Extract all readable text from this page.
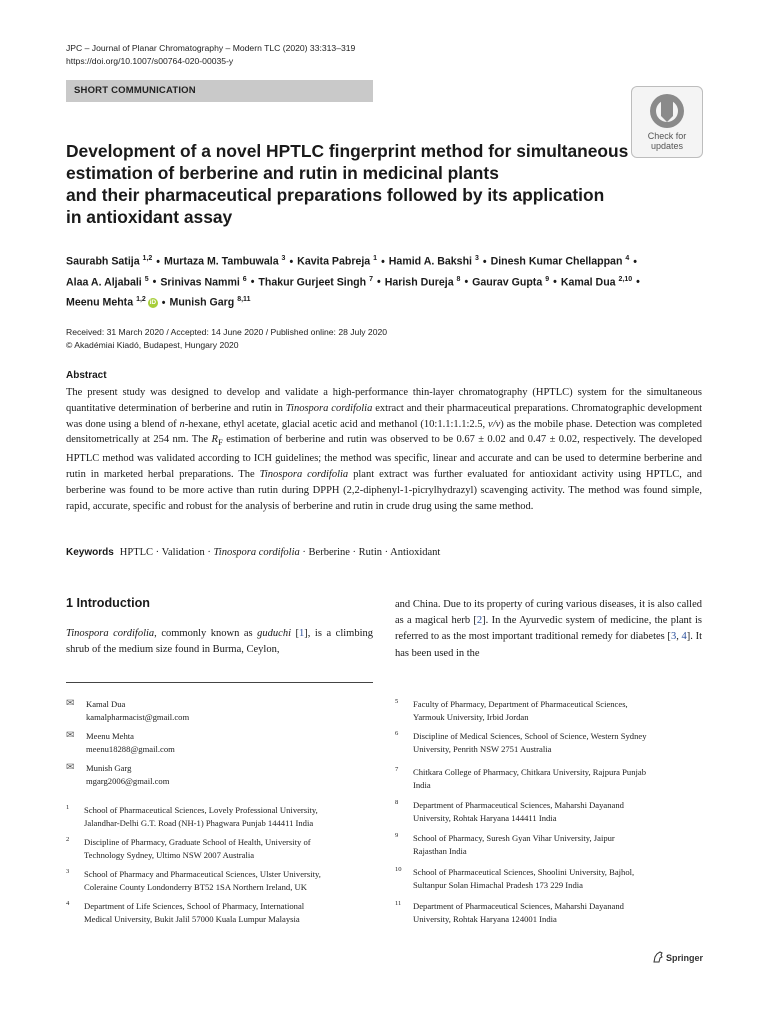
JPC – Journal of Planar Chromatography – Modern TLC (2020) 33:313–319
https://doi.org/10.1007/s00764-020-00035-y
SHORT COMMUNICATION
Check for
updates
Development of a novel HPTLC fingerprint method for simultaneous
estimation of berberine and rutin in medicinal plants
and their pharmaceutical preparations followed by its application
in antioxidant assay
Saurabh Satija $^{1,2}$ • Murtaza M. Tambuwala $^3$ • Kavita Pabreja $^1$ • Hamid A. Bakshi $^3$ • Dinesh Kumar Chellappan $^4$ •
Alaa A. Aljabali $^5$ • Srinivas Nammi $^6$ • Thakur Gurjeet Singh $^7$ • Harish Dureja $^8$ • Gaurav Gupta $^9$ • Kamal Dua $^{2,10}$ •
Meenu Mehta $^{1,2}$ iD • Munish Garg $^{8,11}$
Received: 31 March 2020 / Accepted: 14 June 2020 / Published online: 28 July 2020
© Akadémiai Kiadó, Budapest, Hungary 2020
Abstract
The present study was designed to develop and validate a high-performance thin-layer chromatography (HPTLC) system for the simultaneous quantitative determination of berberine and rutin in Tinospora cordifolia extract and their pharmaceutical preparations. Chromatographic development was done using a blend of n-hexane, ethyl acetate, glacial acetic acid and methanol (10:1.1:1.1:2.5, v/v) as the mobile phase. Detection was completed densitometrically at 254 nm. The $R_F$ estimation of berberine and rutin was observed to be 0.67 ± 0.02 and 0.47 ± 0.02, respectively. The developed HPTLC method was validated according to ICH guidelines; the method was specific, linear and accurate and can be used to determine berberine and rutin in marketed herbal preparations. The Tinospora cordifolia plant extract was further evaluated for antioxidant activity using HPTLC, and berberine was found to be more active than rutin during DPPH (2,2-diphenyl-1-picrylhydrazyl) scavenging activity. The method was found simple, rapid, accurate, specific and robust for the analysis of berberine and rutin in crude drug using the same method.
Keywords HPTLC · Validation · Tinospora cordifolia · Berberine · Rutin · Antioxidant
1 Introduction
Tinospora cordifolia, commonly known as guduchi [1], is a climbing shrub of the medium size found in Burma, Ceylon,
and China. Due to its property of curing various diseases, it is also called as a magical herb [2]. In the Ayurvedic system of medicine, the plant is referred to as the most important traditional remedy for diabetes [3, 4]. It has been used in the
✉ Kamal Dua
kamalpharmacist@gmail.com
✉ Meenu Mehta
meenu18288@gmail.com
✉ Munish Garg
mgarg2006@gmail.com
1 School of Pharmaceutical Sciences, Lovely Professional University,
Jalandhar-Delhi G.T. Road (NH-1) Phagwara Punjab 144411 India
2 Discipline of Pharmacy, Graduate School of Health, University of
Technology Sydney, Ultimo NSW 2007 Australia
3 School of Pharmacy and Pharmaceutical Sciences, Ulster University,
Coleraine County Londonderry BT52 1SA Northern Ireland, UK
4 Department of Life Sciences, School of Pharmacy, International
Medical University, Bukit Jalil 57000 Kuala Lumpur Malaysia
5 Faculty of Pharmacy, Department of Pharmaceutical Sciences,
Yarmouk University, Irbid Jordan
6 Discipline of Medical Sciences, School of Science, Western Sydney
University, Penrith NSW 2751 Australia
7 Chitkara College of Pharmacy, Chitkara University, Rajpura Punjab
India
8 Department of Pharmaceutical Sciences, Maharshi Dayanand
University, Rohtak Haryana 144411 India
9 School of Pharmacy, Suresh Gyan Vihar University, Jaipur
Rajasthan India
10 School of Pharmaceutical Sciences, Shoolini University, Bajhol,
Sultanpur Solan Himachal Pradesh 173 229 India
11 Department of Pharmaceutical Sciences, Maharshi Dayanand
University, Rohtak Haryana 124001 India
Springer
